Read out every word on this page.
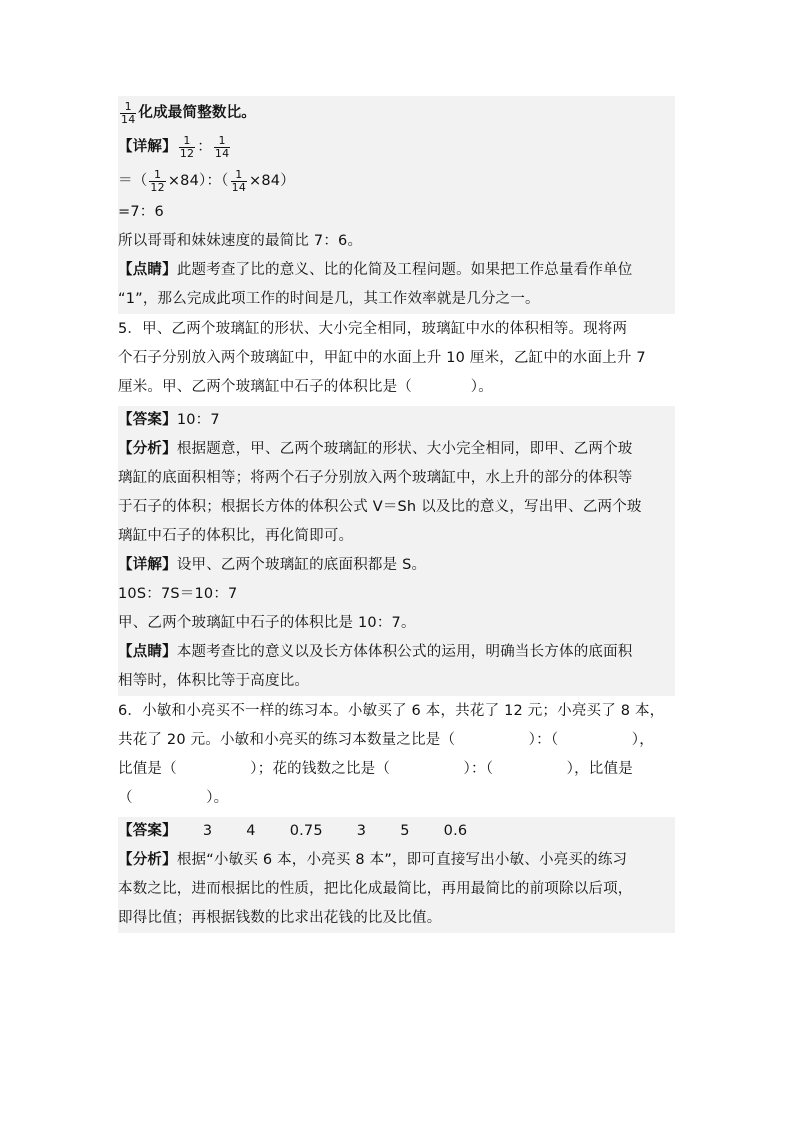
$\frac{1}{14}$ 化成最简整数比。
【详解】 $\frac{1}{12}$ ： $\frac{1}{14}$
＝（ $\frac{1}{12} \times 84$）：（ $\frac{1}{14} \times 84$）
=7：6
所以哥哥和妹妹速度的最简比 7：6。
【点睛】此题考查了比的意义、比的化简及工程问题。如果把工作总量看作单位
“1”，那么完成此项工作的时间是几，其工作效率就是几分之一。
5．甲、乙两个玻璃缸的形状、大小完全相同，玻璃缸中水的体积相等。现将两
个石子分别放入两个玻璃缸中，甲缸中的水面上升 10 厘米，乙缸中的水面上升 7
厘米。甲、乙两个玻璃缸中石子的体积比是（　　　　）。
【答案】10：7
【分析】根据题意，甲、乙两个玻璃缸的形状、大小完全相同，即甲、乙两个玻
璃缸的底面积相等；将两个石子分别放入两个玻璃缸中，水上升的部分的体积等
于石子的体积；根据长方体的体积公式 V＝Sh 以及比的意义，写出甲、乙两个玻
璃缸中石子的体积比，再化简即可。
【详解】设甲、乙两个玻璃缸的底面积都是 S。
10S：7S＝10：7
甲、乙两个玻璃缸中石子的体积比是 10：7。
【点睛】本题考查比的意义以及长方体体积公式的运用，明确当长方体的底面积
相等时，体积比等于高度比。
6．小敏和小亮买不一样的练习本。小敏买了 6 本，共花了 12 元；小亮买了 8 本，
共花了 20 元。小敏和小亮买的练习本数量之比是（　　　　　）：（　　　　　），
比值是（　　　　　）；花的钱数之比是（　　　　　）：（　　　　　），比值是
（　　　　　）。
【答案】 3 4 0.75 3 5 0.6
【分析】根据“小敏买 6 本，小亮买 8 本”，即可直接写出小敏、小亮买的练习
本数之比，进而根据比的性质，把比化成最简比，再用最简比的前项除以后项，
即得比值；再根据钱数的比求出花钱的比及比值。
